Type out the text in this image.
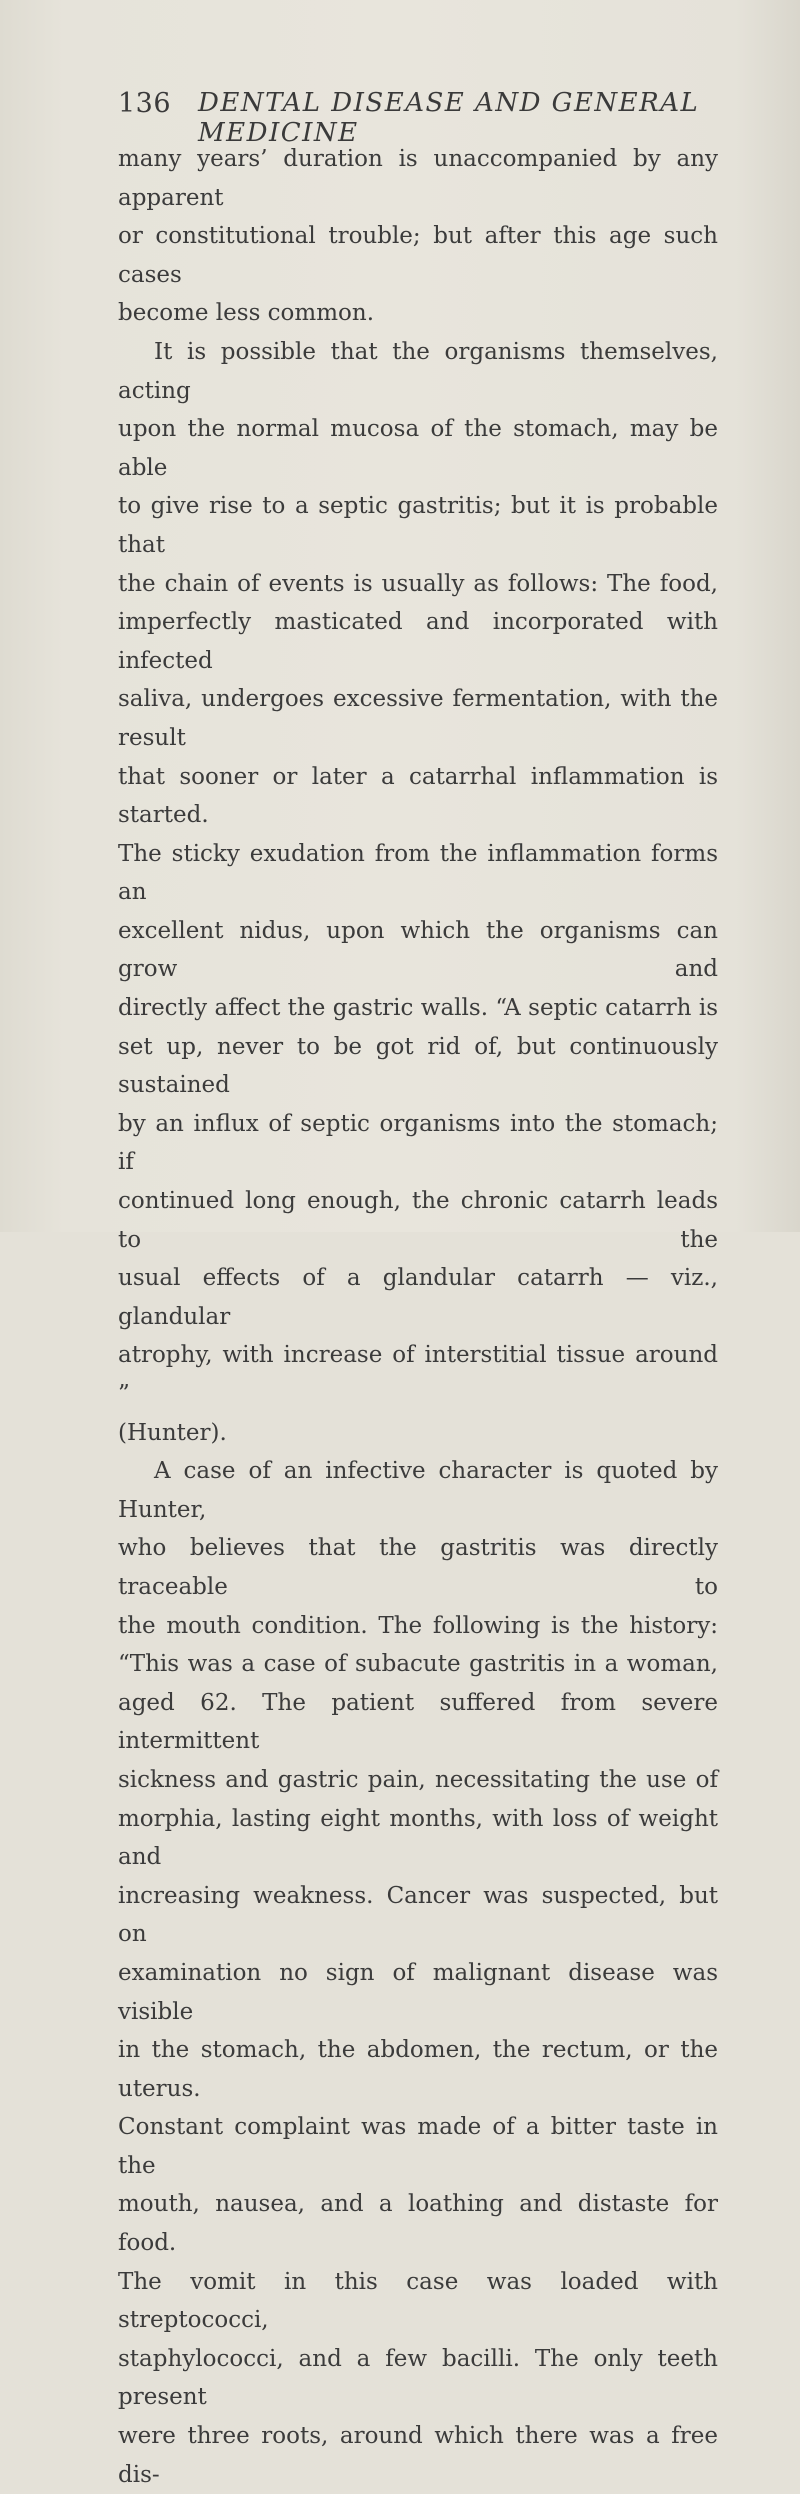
136 DENTAL DISEASE AND GENERAL MEDICINE

many years’ duration is unaccompanied by any apparent

or constitutional trouble; but after this age such cases

become less common.

It is possible that the organisms themselves, acting

upon the normal mucosa of the stomach, may be able

to give rise to a septic gastritis; but it is probable that

the chain of events is usually as follows: The food,

imperfectly masticated and incorporated with infected

saliva, undergoes excessive fermentation, with the result

that sooner or later a catarrhal inflammation is started.

The sticky exudation from the inflammation forms an

excellent nidus, upon which the organisms can grow and

directly affect the gastric walls. “A septic catarrh is

set up, never to be got rid of, but continuously sustained

by an influx of septic organisms into the stomach; if

continued long enough, the chronic catarrh leads to the

usual effects of a glandular catarrh — viz., glandular

atrophy, with increase of interstitial tissue around ”

(Hunter).

A case of an infective character is quoted by Hunter,

who believes that the gastritis was directly traceable to

the mouth condition. The following is the history:

“This was a case of subacute gastritis in a woman,

aged 62. The patient suffered from severe intermittent

sickness and gastric pain, necessitating the use of

morphia, lasting eight months, with loss of weight and

increasing weakness. Cancer was suspected, but on

examination no sign of malignant disease was visible

in the stomach, the abdomen, the rectum, or the uterus.

Constant complaint was made of a bitter taste in the

mouth, nausea, and a loathing and distaste for food.

The vomit in this case was loaded with streptococci,

staphylococci, and a few bacilli. The only teeth present

were three roots, around which there was a free dis-
